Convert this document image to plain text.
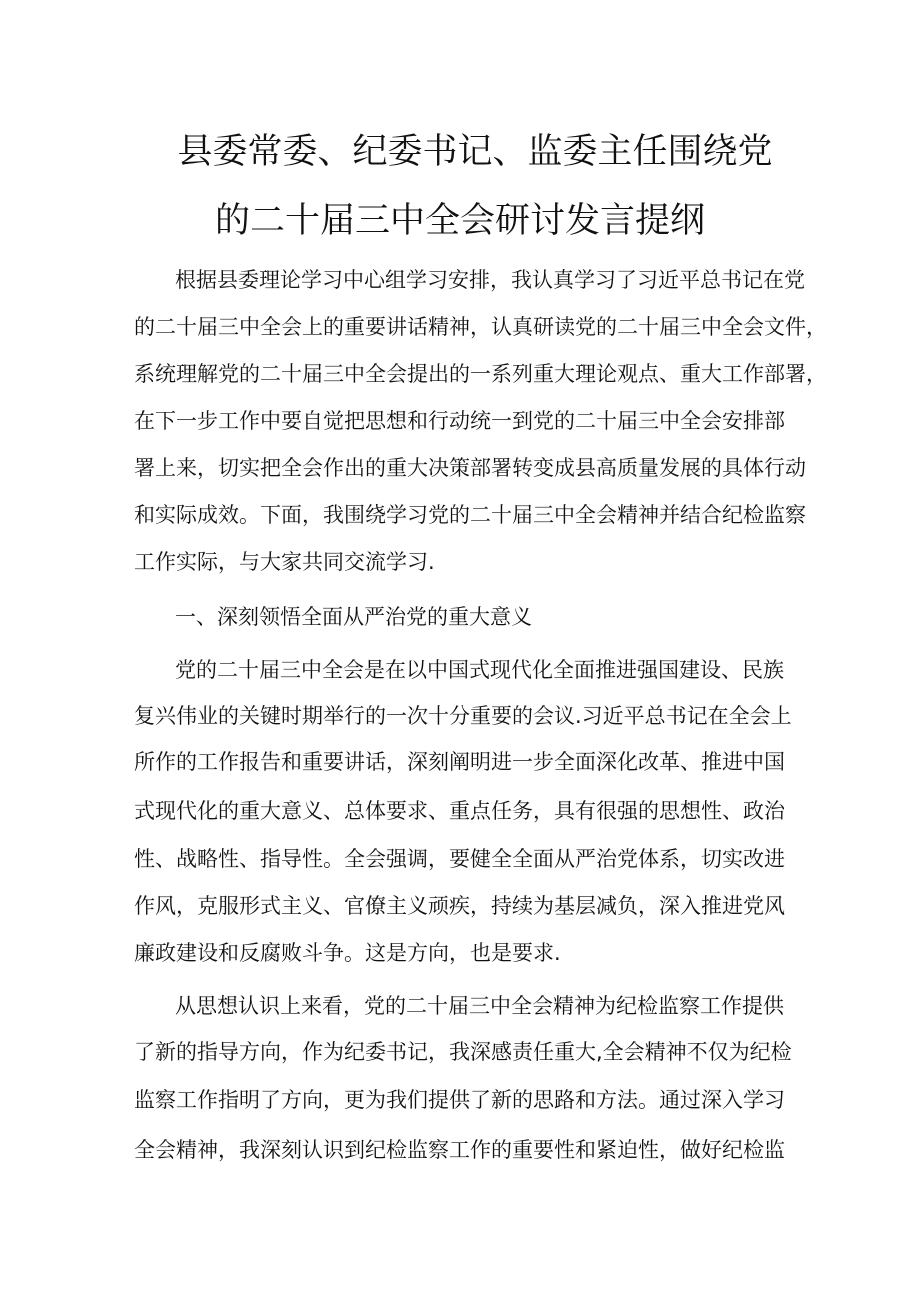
县委常委、纪委书记、监委主任围绕党
的二十届三中全会研讨发言提纲
根据县委理论学习中心组学习安排，我认真学习了习近平总书记在党
的二十届三中全会上的重要讲话精神，认真研读党的二十届三中全会文件，
系统理解党的二十届三中全会提出的一系列重大理论观点、重大工作部署，
在下一步工作中要自觉把思想和行动统一到党的二十届三中全会安排部
署上来，切实把全会作出的重大决策部署转变成县高质量发展的具体行动
和实际成效。下面，我围绕学习党的二十届三中全会精神并结合纪检监察
工作实际，与大家共同交流学习.
一、深刻领悟全面从严治党的重大意义
党的二十届三中全会是在以中国式现代化全面推进强国建设、民族
复兴伟业的关键时期举行的一次十分重要的会议.习近平总书记在全会上
所作的工作报告和重要讲话，深刻阐明进一步全面深化改革、推进中国
式现代化的重大意义、总体要求、重点任务，具有很强的思想性、政治
性、战略性、指导性。全会强调，要健全全面从严治党体系，切实改进
作风，克服形式主义、官僚主义顽疾，持续为基层减负，深入推进党风
廉政建设和反腐败斗争。这是方向，也是要求.
从思想认识上来看，党的二十届三中全会精神为纪检监察工作提供
了新的指导方向，作为纪委书记，我深感责任重大,全会精神不仅为纪检
监察工作指明了方向，更为我们提供了新的思路和方法。通过深入学习
全会精神，我深刻认识到纪检监察工作的重要性和紧迫性，做好纪检监
